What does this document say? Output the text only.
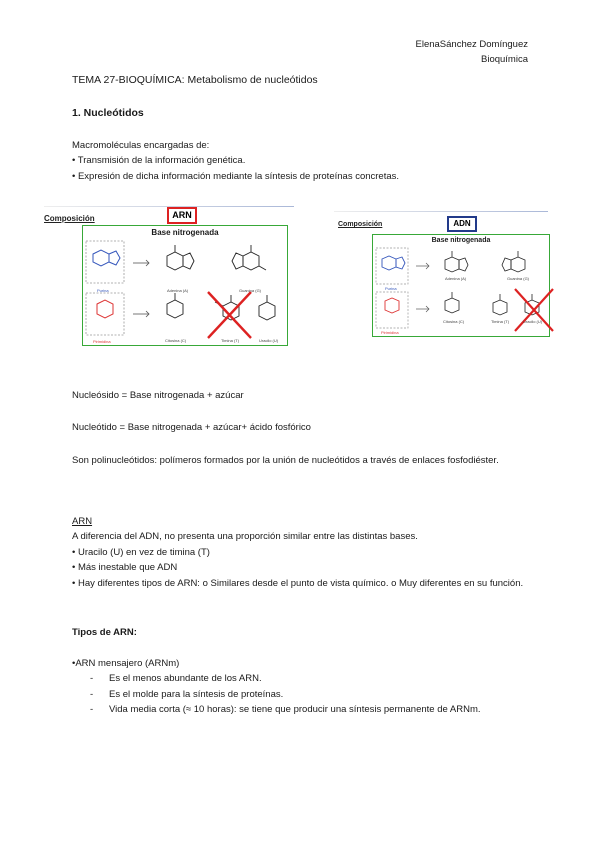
ElenaSánchez Domínguez
Bioquímica
TEMA 27-BIOQUÍMICA: Metabolismo de nucleótidos
1. Nucleótidos
Macromoléculas encargadas de:
• Transmisión de la información genética.
• Expresión de dicha información mediante la síntesis de proteínas concretas.
Composición	ARN
Base nitrogenada
Purina
Pirimidina
Adenina (A)	Guanina (G)
Citosina (C)	Timina (T)	Uracilo (U)
Composición	ADN
Base nitrogenada
Purina
Pirimidina
Adenina (A)	Guanina (G)
Citosina (C)	Timina (T)	Uracilo (U)
Nucleósido = Base nitrogenada + azúcar
Nucleótido = Base nitrogenada + azúcar+ ácido fosfórico
Son polinucleótidos: polímeros formados por la unión de nucleótidos a través de enlaces fosfodiéster.
ARN
A diferencia del ADN, no presenta una proporción similar entre las distintas bases.
• Uracilo (U) en vez de timina (T)
• Más inestable que ADN
• Hay diferentes tipos de ARN: o Similares desde el punto de vista químico. o Muy diferentes en su función.
Tipos de ARN:
•ARN mensajero (ARNm)
- Es el menos abundante de los ARN.
- Es el molde para la síntesis de proteínas.
- Vida media corta (≈ 10 horas): se tiene que producir una síntesis permanente de ARNm.
